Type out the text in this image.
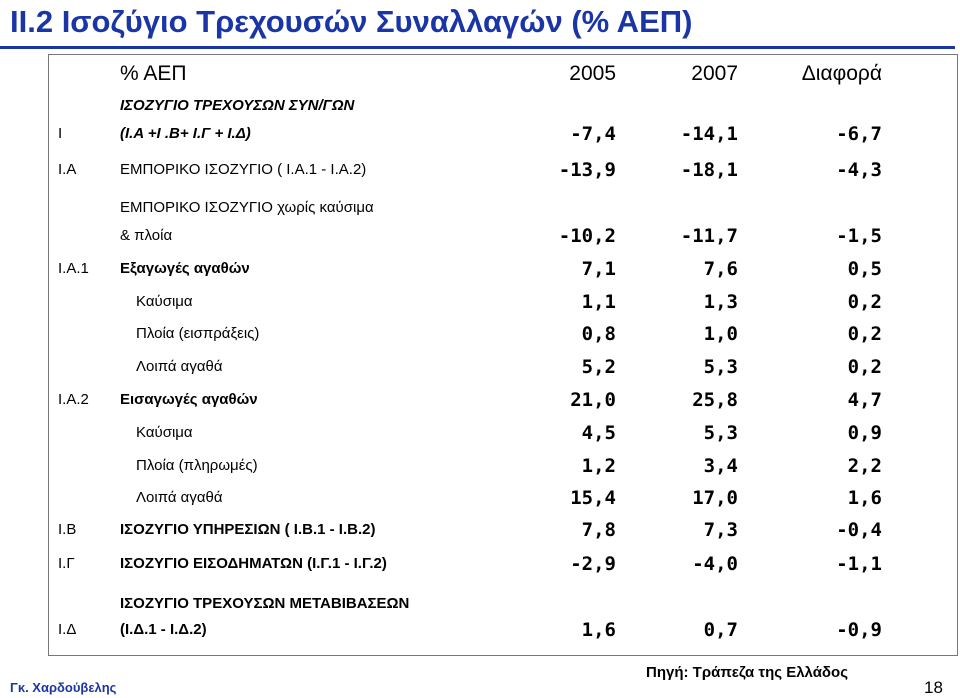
ΙΙ.2 Ισοζύγιο Τρεχουσών Συναλλαγών (% ΑΕΠ)
% ΑΕΠ	2005	2007	Διαφορά
ΙΣΟΖΥΓΙΟ ΤΡΕΧΟΥΣΩΝ ΣΥΝ/ΓΩΝ
Ι	(Ι.Α +Ι .Β+ Ι.Γ + Ι.Δ)	-7,4	-14,1	-6,7
Ι.Α	ΕΜΠΟΡΙΚΟ ΙΣΟΖΥΓΙΟ ( Ι.Α.1 - Ι.Α.2)	-13,9	-18,1	-4,3
ΕΜΠΟΡΙΚΟ ΙΣΟΖΥΓΙΟ χωρίς καύσιμα
& πλοία	-10,2	-11,7	-1,5
Ι.Α.1 Εξαγωγές αγαθών	7,1	7,6	0,5
Καύσιμα	1,1	1,3	0,2
Πλοία (εισπράξεις)	0,8	1,0	0,2
Λοιπά αγαθά	5,2	5,3	0,2
Ι.Α.2 Εισαγωγές αγαθών	21,0	25,8	4,7
Καύσιμα	4,5	5,3	0,9
Πλοία (πληρωμές)	1,2	3,4	2,2
Λοιπά αγαθά	15,4	17,0	1,6
Ι.Β	ΙΣΟΖΥΓΙΟ ΥΠΗΡΕΣΙΩΝ ( Ι.Β.1 - Ι.Β.2)	7,8	7,3	-0,4
Ι.Γ	ΙΣΟΖΥΓΙΟ ΕΙΣΟΔΗΜΑΤΩΝ (Ι.Γ.1 - Ι.Γ.2)	-2,9	-4,0	-1,1
ΙΣΟΖΥΓΙΟ ΤΡΕΧΟΥΣΩΝ ΜΕΤΑΒΙΒΑΣΕΩΝ
Ι.Δ	(Ι.Δ.1 - Ι.Δ.2)	1,6	0,7	-0,9
Πηγή: Τράπεζα της Ελλάδος
Γκ. Χαρδούβελης	18
